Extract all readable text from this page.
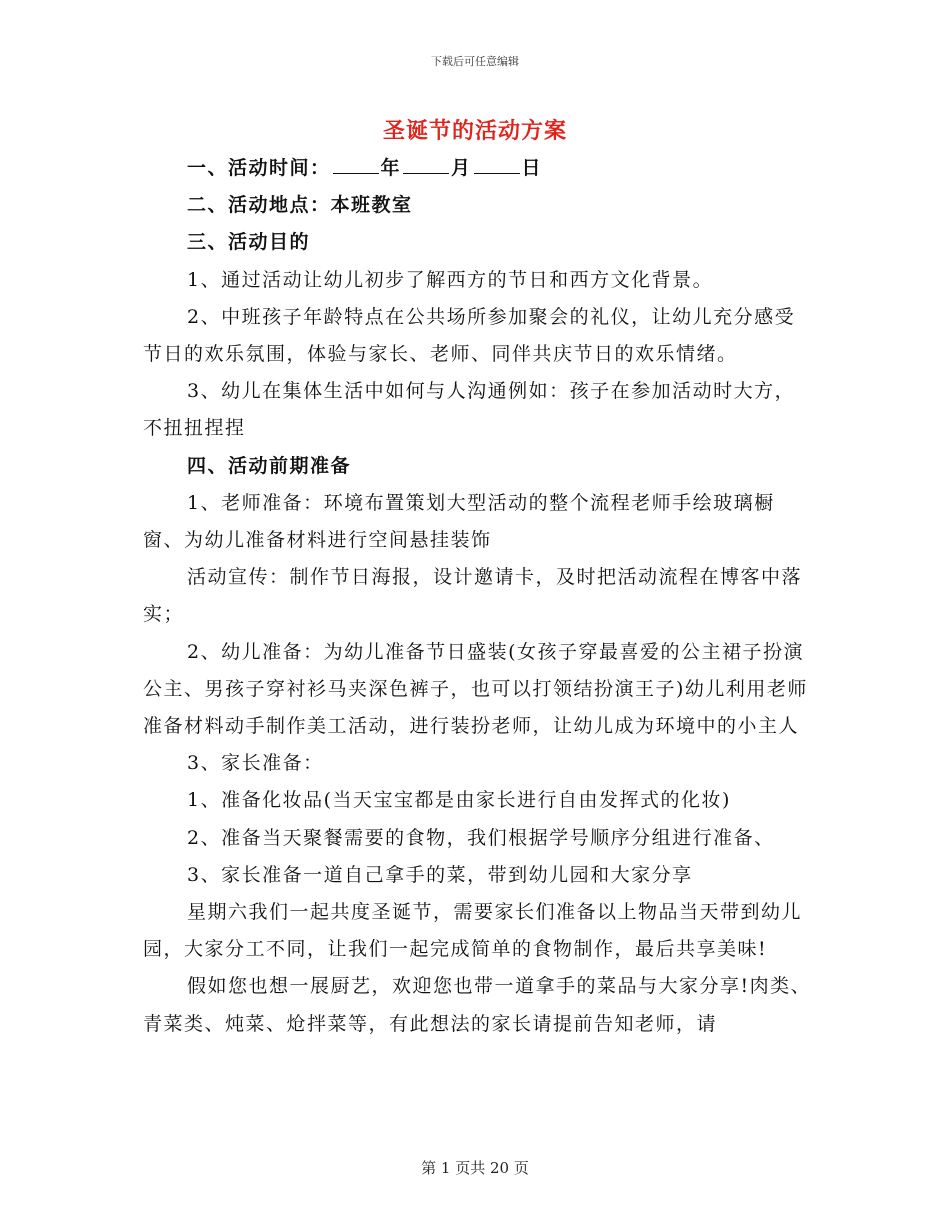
下载后可任意编辑
圣诞节的活动方案

一、活动时间：	年	月	日

二、活动地点：本班教室

三、活动目的

1、通过活动让幼儿初步了解西方的节日和西方文化背景。

2、中班孩子年龄特点在公共场所参加聚会的礼仪，让幼儿充分感受节日的欢乐氛围，体验与家长、老师、同伴共庆节日的欢乐情绪。

3、幼儿在集体生活中如何与人沟通例如：孩子在参加活动时大方，不扭扭捏捏

四、活动前期准备

1、老师准备：环境布置策划大型活动的整个流程老师手绘玻璃橱窗、为幼儿准备材料进行空间悬挂装饰

活动宣传：制作节日海报，设计邀请卡，及时把活动流程在博客中落实；

2、幼儿准备：为幼儿准备节日盛装(女孩子穿最喜爱的公主裙子扮演公主、男孩子穿衬衫马夹深色裤子，也可以打领结扮演王子)幼儿利用老师准备材料动手制作美工活动，进行装扮老师，让幼儿成为环境中的小主人

3、家长准备：

1、准备化妆品(当天宝宝都是由家长进行自由发挥式的化妆)

2、准备当天聚餐需要的食物，我们根据学号顺序分组进行准备、

3、家长准备一道自己拿手的菜，带到幼儿园和大家分享

星期六我们一起共度圣诞节，需要家长们准备以上物品当天带到幼儿园，大家分工不同，让我们一起完成简单的食物制作，最后共享美味!

假如您也想一展厨艺，欢迎您也带一道拿手的菜品与大家分享!肉类、青菜类、炖菜、炝拌菜等，有此想法的家长请提前告知老师，请

第 1 页共 20 页
